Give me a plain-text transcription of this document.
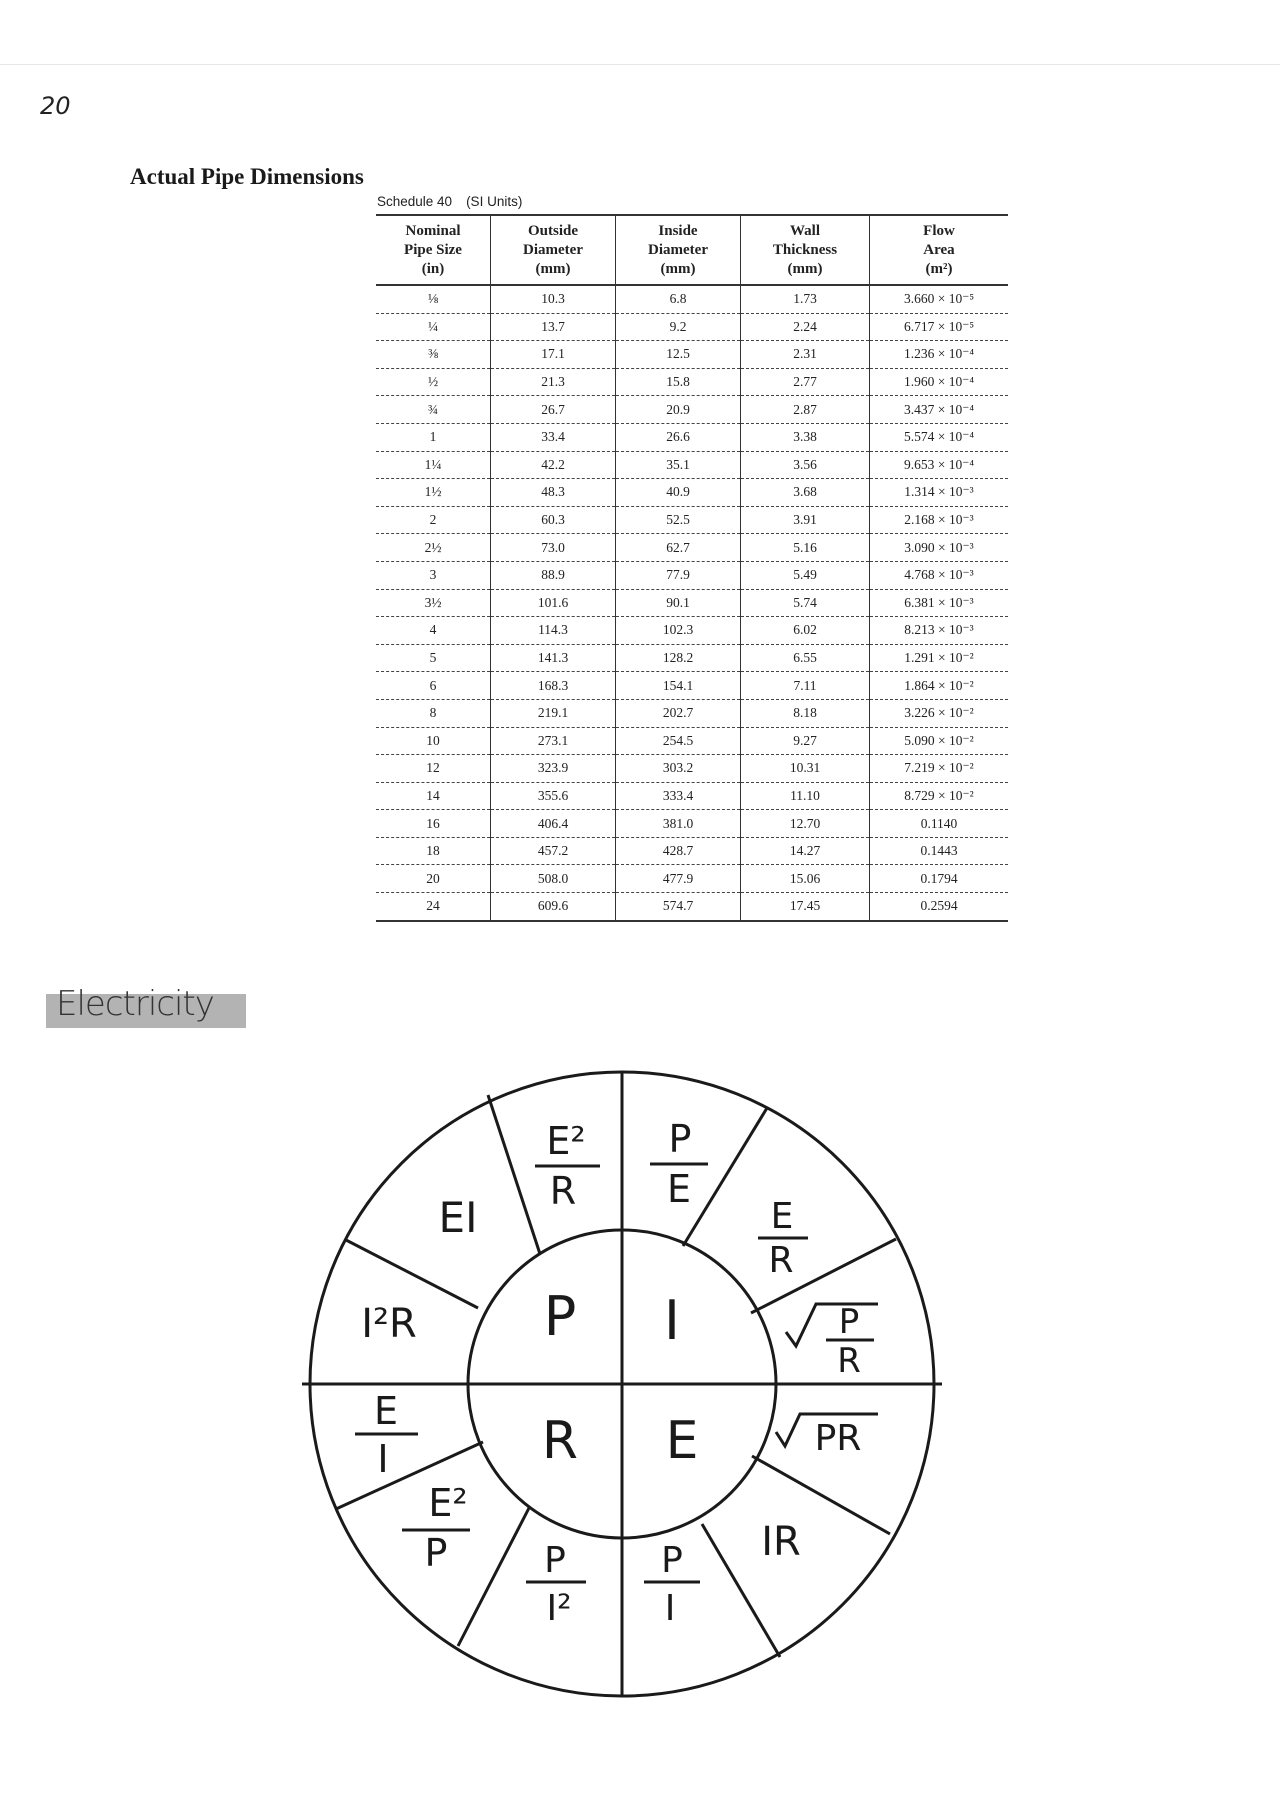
20
Actual Pipe Dimensions
Schedule 40 (SI Units)
Nominal
Pipe Size
(in)	Outside
Diameter
(mm)	Inside
Diameter
(mm)	Wall
Thickness
(mm)	Flow
Area
(m²)
⅛	10.3	6.8	1.73	3.660 × 10⁻⁵
¼	13.7	9.2	2.24	6.717 × 10⁻⁵
⅜	17.1	12.5	2.31	1.236 × 10⁻⁴
½	21.3	15.8	2.77	1.960 × 10⁻⁴
¾	26.7	20.9	2.87	3.437 × 10⁻⁴
1	33.4	26.6	3.38	5.574 × 10⁻⁴
1¼	42.2	35.1	3.56	9.653 × 10⁻⁴
1½	48.3	40.9	3.68	1.314 × 10⁻³
2	60.3	52.5	3.91	2.168 × 10⁻³
2½	73.0	62.7	5.16	3.090 × 10⁻³
3	88.9	77.9	5.49	4.768 × 10⁻³
3½	101.6	90.1	5.74	6.381 × 10⁻³
4	114.3	102.3	6.02	8.213 × 10⁻³
5	141.3	128.2	6.55	1.291 × 10⁻²
6	168.3	154.1	7.11	1.864 × 10⁻²
8	219.1	202.7	8.18	3.226 × 10⁻²
10	273.1	254.5	9.27	5.090 × 10⁻²
12	323.9	303.2	10.31	7.219 × 10⁻²
14	355.6	333.4	11.10	8.729 × 10⁻²
16	406.4	381.0	12.70	0.1140
18	457.2	428.7	14.27	0.1443
20	508.0	477.9	15.06	0.1794
24	609.6	574.7	17.45	0.2594
Electricity
P I
R E
EI
I²R
E²
R
P
E
E
R
P
R
E
I
E²
P	P
I²
PR
IR
P
I
